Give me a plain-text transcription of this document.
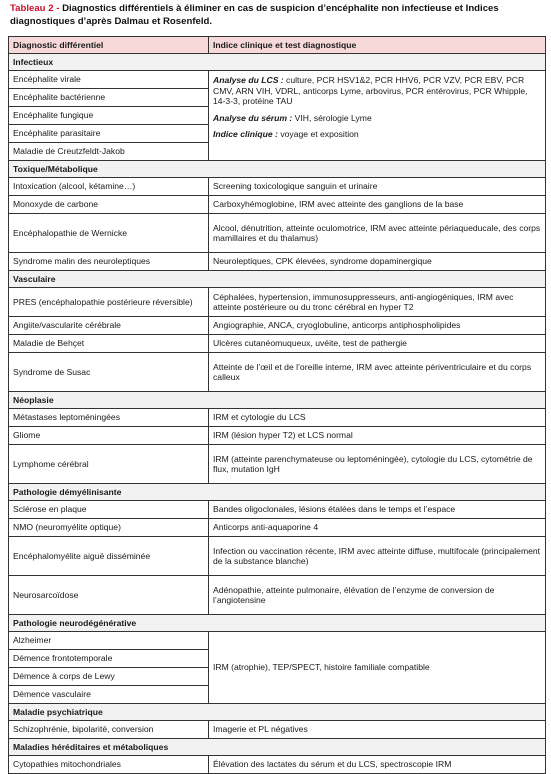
Tableau 2 - Diagnostics différentiels à éliminer en cas de suspicion d’encéphalite non infectieuse et Indices diagnostiques d’après Dalmau et Rosenfeld.
Diagnostic différentiel	Indice clinique et test diagnostique
Infectieux	
Encéphalite virale	Analyse du LCS : culture, PCR HSV1&2, PCR HHV6, PCR VZV, PCR EBV, PCR CMV, ARN VIH, VDRL, anticorps Lyme, arbovirus, PCR entérovirus, PCR Whipple, 14-3-3, protéine TAU

Analyse du sérum : VIH, sérologie Lyme

Indice clinique : voyage et exposition

Encéphalite bactérienne	
Encéphalite fungique	
Encéphalite parasitaire	
Maladie de Creutzfeldt-Jakob	
Toxique/Métabolique	
Intoxication (alcool, kétamine…)	Screening toxicologique sanguin et urinaire
Monoxyde de carbone	Carboxyhémoglobine, IRM avec atteinte des ganglions de la base
Encéphalopathie de Wernicke	Alcool, dénutrition, atteinte oculomotrice, IRM avec atteinte périaqueducale, des corps mamillaires et du thalamus)
Syndrome malin des neuroleptiques	Neuroleptiques, CPK élevées, syndrome dopaminergique
Vasculaire	
PRES (encéphalopathie postérieure réversible)	Céphalées, hypertension, immunosuppresseurs, anti-angiogéniques, IRM avec atteinte postérieure ou du tronc cérébral en hyper T2
Angiite/vascularite cérébrale	Angiographie, ANCA, cryoglobuline, anticorps antiphospholipides
Maladie de Behçet	Ulcères cutanéomuqueux, uvéite, test de pathergie
Syndrome de Susac	Atteinte de l’œil et de l’oreille interne, IRM avec atteinte périventriculaire et du corps calleux
Néoplasie	
Métastases leptoméningées	IRM et cytologie du LCS
Gliome	IRM (lésion hyper T2) et LCS normal
Lymphome cérébral	IRM (atteinte parenchymateuse ou leptoméningée), cytologie du LCS, cytométrie de flux, mutation IgH
Pathologie démyélinisante	
Sclérose en plaque	Bandes oligoclonales, lésions étalées dans le temps et l’espace
NMO (neuromyélite optique)	Anticorps anti-aquaporine 4
Encéphalomyélite aiguë disséminée	Infection ou vaccination récente, IRM avec atteinte diffuse, multifocale (principalement de la substance blanche)
Neurosarcoïdose	Adénopathie, atteinte pulmonaire, élévation de l’enzyme de conversion de l’angiotensine
Pathologie neurodégénérative	
Alzheimer	IRM (atrophie), TEP/SPECT, histoire familiale compatible
Démence frontotemporale	
Démence à corps de Lewy	
Démence vasculaire	
Maladie psychiatrique	
Schizophrénie, bipolarité, conversion	Imagerie et PL négatives
Maladies héréditaires et métaboliques	
Cytopathies mitochondriales	Élévation des lactates du sérum et du LCS, spectroscopie IRM
